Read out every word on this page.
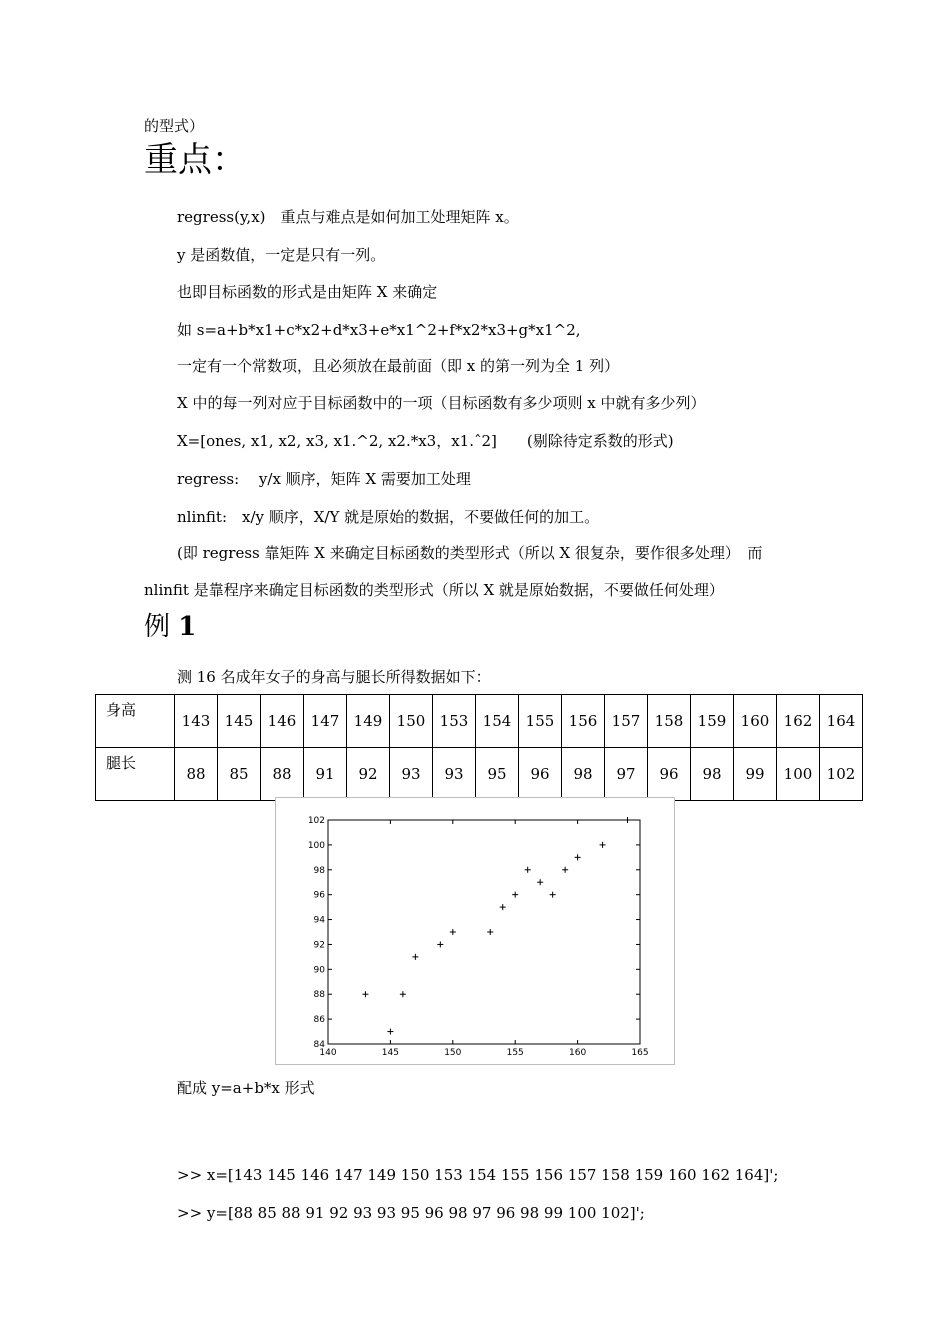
的型式）
重点：
regress(y,x)　重点与难点是如何加工处理矩阵 x。
y 是函数值，一定是只有一列。
也即目标函数的形式是由矩阵 X 来确定
如 s=a+b*x1+c*x2+d*x3+e*x1^2+f*x2*x3+g*x1^2,
一定有一个常数项，且必须放在最前面（即 x 的第一列为全 1 列）
X 中的每一列对应于目标函数中的一项（目标函数有多少项则 x 中就有多少列）
X=[ones, x1, x2, x3, x1.^2, x2.*x3，x1.ˆ2]　　(剔除待定系数的形式)
regress:　 y/x 顺序，矩阵 X 需要加工处理
nlinfit:　x/y 顺序，X/Y 就是原始的数据，不要做任何的加工。
(即 regress 靠矩阵 X 来确定目标函数的类型形式（所以 X 很复杂，要作很多处理）　而
nlinfit 是靠程序来确定目标函数的类型形式（所以 X 就是原始数据，不要做任何处理）
例 1
测 16 名成年女子的身高与腿长所得数据如下：
身高	143	145	146	147	149	150	153	154	155	156	157	158	159	160	162	164
腿长	88	85	88	91	92	93	93	95	96	98	97	96	98	99	100	102
140	145	150	155	160	165
84
86
88
90
92
94
96
98
100
102
配成 y=a+b*x 形式
>> x=[143 145 146 147 149 150 153 154 155 156 157 158 159 160 162 164]';
>> y=[88 85 88 91 92 93 93 95 96 98 97 96 98 99 100 102]';
